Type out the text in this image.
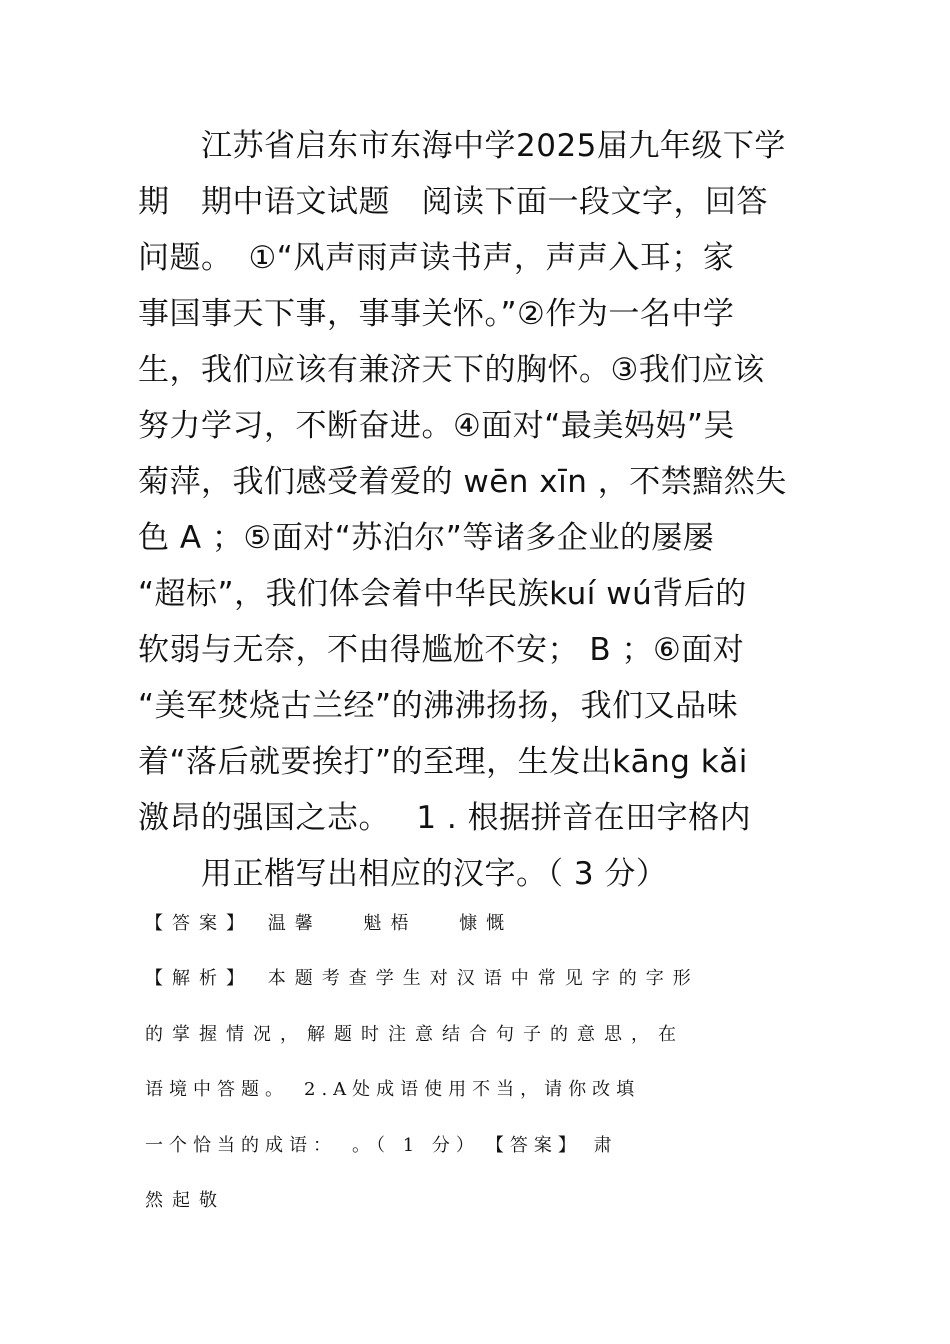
　　江苏省启东市东海中学2025届九年级下学
期　期中语文试题　阅读下面一段文字，回答
问题。　①“风声雨声读书声，声声入耳；家
事国事天下事，事事关怀。”②作为一名中学
生，我们应该有兼济天下的胸怀。③我们应该
努力学习，不断奋进。④面对“最美妈妈”吴
菊萍，我们感受着爱的 wēn xīn ，不禁黯然失
色 A ；⑤面对“苏泊尔”等诸多企业的屡屡
“超标”，我们体会着中华民族kuí wú背后的
软弱与无奈，不由得尴尬不安； B ；⑥面对
“美军焚烧古兰经”的沸沸扬扬，我们又品味
着“落后就要挨打”的至理，生发出kāng kǎi
激昂的强国之志。　 1 . 根据拼音在田字格内
　　用正楷写出相应的汉字。（ 3 分）
【答案】 温馨　 魁梧　 慷慨
【解析】 本题考查学生对汉语中常见字的字形
的掌握情况，解题时注意结合句子的意思，在
语境中答题。　2.A处成语使用不当，请你改填
一个恰当的成语：　。（ 1 分）　【答案】 肃
然起敬
